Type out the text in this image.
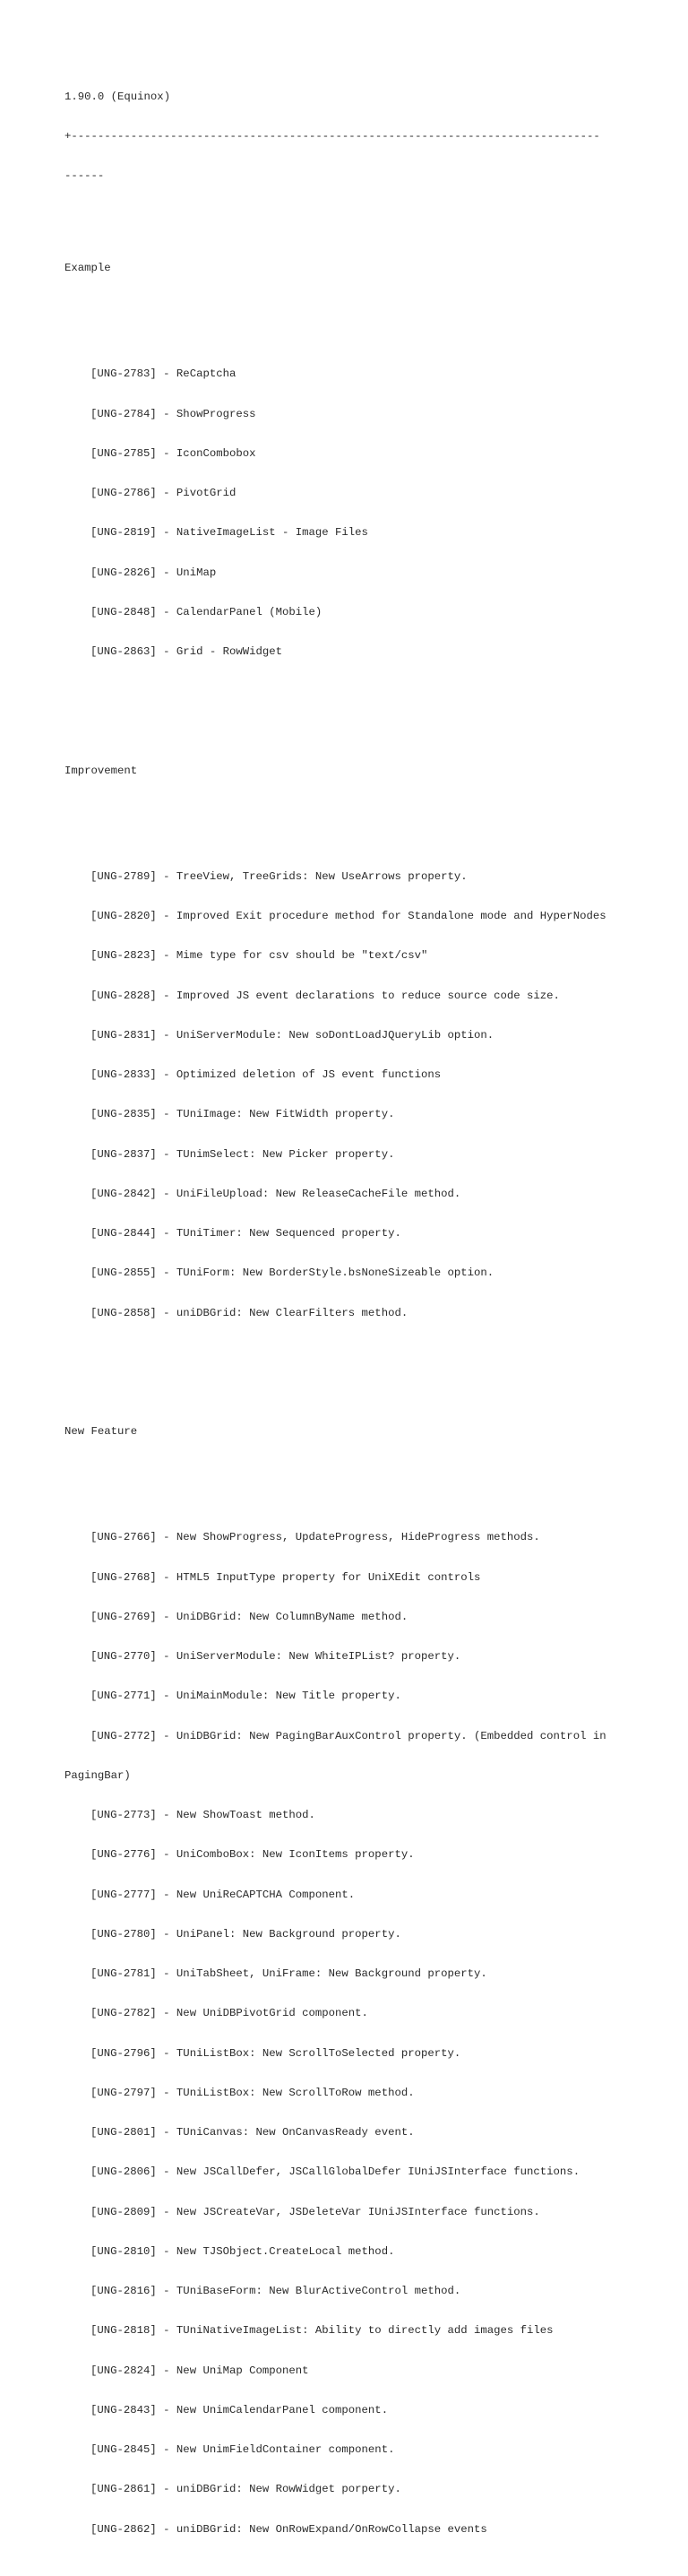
1.90.0 (Equinox)

+--------------------------------------------------------------------------------

------

Example

[UNG-2783] - ReCaptcha

[UNG-2784] - ShowProgress

[UNG-2785] - IconCombobox

[UNG-2786] - PivotGrid

[UNG-2819] - NativeImageList - Image Files

[UNG-2826] - UniMap

[UNG-2848] - CalendarPanel (Mobile)

[UNG-2863] - Grid - RowWidget

Improvement

[UNG-2789] - TreeView, TreeGrids: New UseArrows property.

[UNG-2820] - Improved Exit procedure method for Standalone mode and HyperNodes

[UNG-2823] - Mime type for csv should be "text/csv"

[UNG-2828] - Improved JS event declarations to reduce source code size.

[UNG-2831] - UniServerModule: New soDontLoadJQueryLib option.

[UNG-2833] - Optimized deletion of JS event functions

[UNG-2835] - TUniImage: New FitWidth property.

[UNG-2837] - TUnimSelect: New Picker property.

[UNG-2842] - UniFileUpload: New ReleaseCacheFile method.

[UNG-2844] - TUniTimer: New Sequenced property.

[UNG-2855] - TUniForm: New BorderStyle.bsNoneSizeable option.

[UNG-2858] - uniDBGrid: New ClearFilters method.

New Feature

[UNG-2766] - New ShowProgress, UpdateProgress, HideProgress methods.

[UNG-2768] - HTML5 InputType property for UniXEdit controls

[UNG-2769] - UniDBGrid: New ColumnByName method.

[UNG-2770] - UniServerModule: New WhiteIPList? property.

[UNG-2771] - UniMainModule: New Title property.

[UNG-2772] - UniDBGrid: New PagingBarAuxControl property. (Embedded control in

PagingBar)

[UNG-2773] - New ShowToast method.

[UNG-2776] - UniComboBox: New IconItems property.

[UNG-2777] - New UniReCAPTCHA Component.

[UNG-2780] - UniPanel: New Background property.

[UNG-2781] - UniTabSheet, UniFrame: New Background property.

[UNG-2782] - New UniDBPivotGrid component.

[UNG-2796] - TUniListBox: New ScrollToSelected property.

[UNG-2797] - TUniListBox: New ScrollToRow method.

[UNG-2801] - TUniCanvas: New OnCanvasReady event.

[UNG-2806] - New JSCallDefer, JSCallGlobalDefer IUniJSInterface functions.

[UNG-2809] - New JSCreateVar, JSDeleteVar IUniJSInterface functions.

[UNG-2810] - New TJSObject.CreateLocal method.

[UNG-2816] - TUniBaseForm: New BlurActiveControl method.

[UNG-2818] - TUniNativeImageList: Ability to directly add images files

[UNG-2824] - New UniMap Component

[UNG-2843] - New UnimCalendarPanel component.

[UNG-2845] - New UnimFieldContainer component.

[UNG-2861] - uniDBGrid: New RowWidget porperty.

[UNG-2862] - uniDBGrid: New OnRowExpand/OnRowCollapse events
